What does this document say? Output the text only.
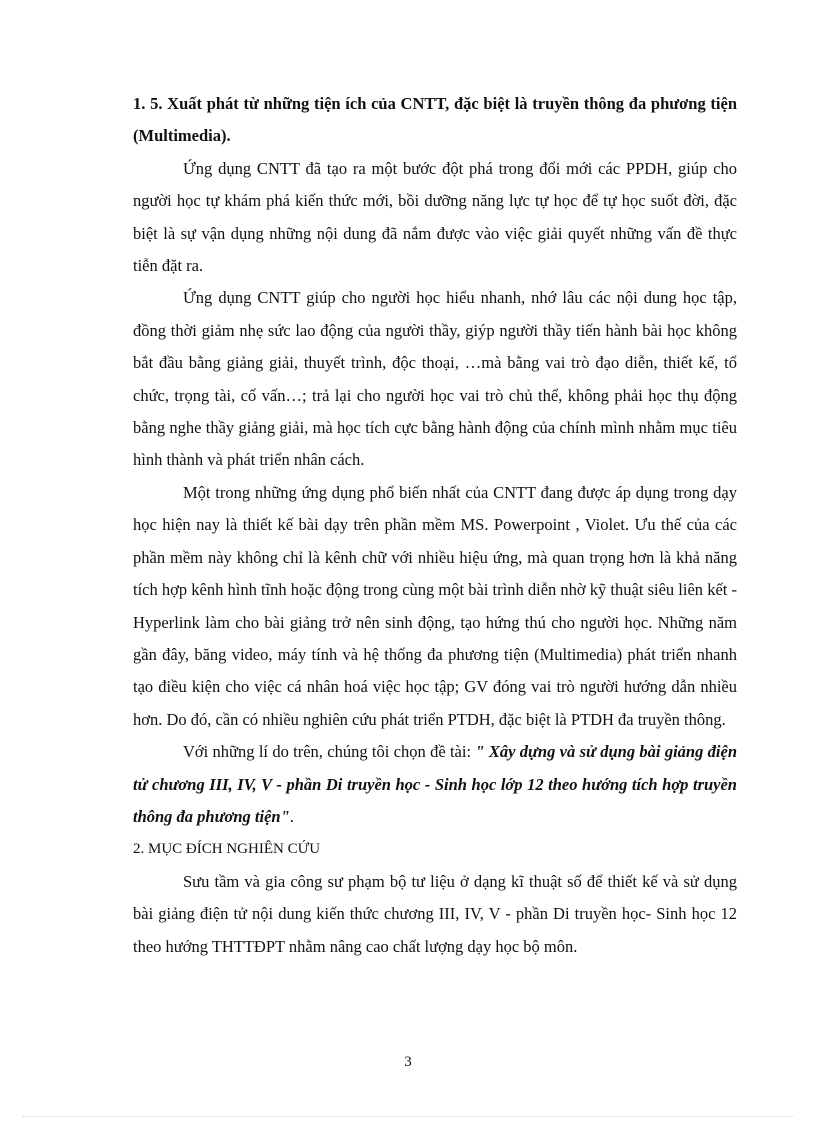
1. 5. Xuất phát từ những tiện ích của CNTT, đặc biệt là truyền thông đa phương tiện (Multimedia).

Ứng dụng CNTT đã tạo ra một bước đột phá trong đổi mới các PPDH, giúp cho người học tự khám phá kiến thức mới, bồi dưỡng năng lực tự học để tự học suốt đời, đặc biệt là sự vận dụng những nội dung đã nắm được vào việc giải quyết những vấn đề thực tiễn đặt ra.

Ứng dụng CNTT giúp cho người học hiểu nhanh, nhớ lâu các nội dung học tập, đồng thời giảm nhẹ sức lao động của người thầy, giýp người thầy tiến hành bài học không bắt đầu bằng giảng giải, thuyết trình, độc thoại, …mà bằng vai trò đạo diễn, thiết kế, tổ chức, trọng tài, cố vấn…; trả lại cho người học vai trò chủ thể, không phải học thụ động bằng nghe thầy giảng giải, mà học tích cực bằng hành động của chính mình nhằm mục tiêu hình thành và phát triển nhân cách.

Một trong những ứng dụng phổ biến nhất của CNTT đang được áp dụng trong dạy học hiện nay là thiết kế bài dạy trên phần mềm MS. Powerpoint , Violet. Ưu thế của các phần mềm này không chỉ là kênh chữ với nhiều hiệu ứng, mà quan trọng hơn là khả năng tích hợp kênh hình tĩnh hoặc động trong cùng một bài trình diễn nhờ kỹ thuật siêu liên kết - Hyperlink làm cho bài giảng trở nên sinh động, tạo hứng thú cho người học. Những năm gần đây, băng video, máy tính và hệ thống đa phương tiện (Multimedia) phát triển nhanh tạo điều kiện cho việc cá nhân hoá việc học tập; GV đóng vai trò người hướng dẫn nhiều hơn. Do đó, cần có nhiều nghiên cứu phát triển PTDH, đặc biệt là PTDH đa truyền thông.

Với những lí do trên, chúng tôi chọn đề tài: " Xây dựng và sử dụng bài giảng điện tử chương III, IV, V - phần Di truyền học - Sinh học lớp 12 theo hướng tích hợp truyền thông đa phương tiện".

2. MỤC ĐÍCH NGHIÊN CỨU

Sưu tầm và gia công sư phạm bộ tư liệu ở dạng kĩ thuật số để thiết kế và sử dụng bài giảng điện tử nội dung kiến thức chương III, IV, V - phần Di truyền học- Sinh học 12 theo hướng THTTĐPT nhằm nâng cao chất lượng dạy học bộ môn.

3
